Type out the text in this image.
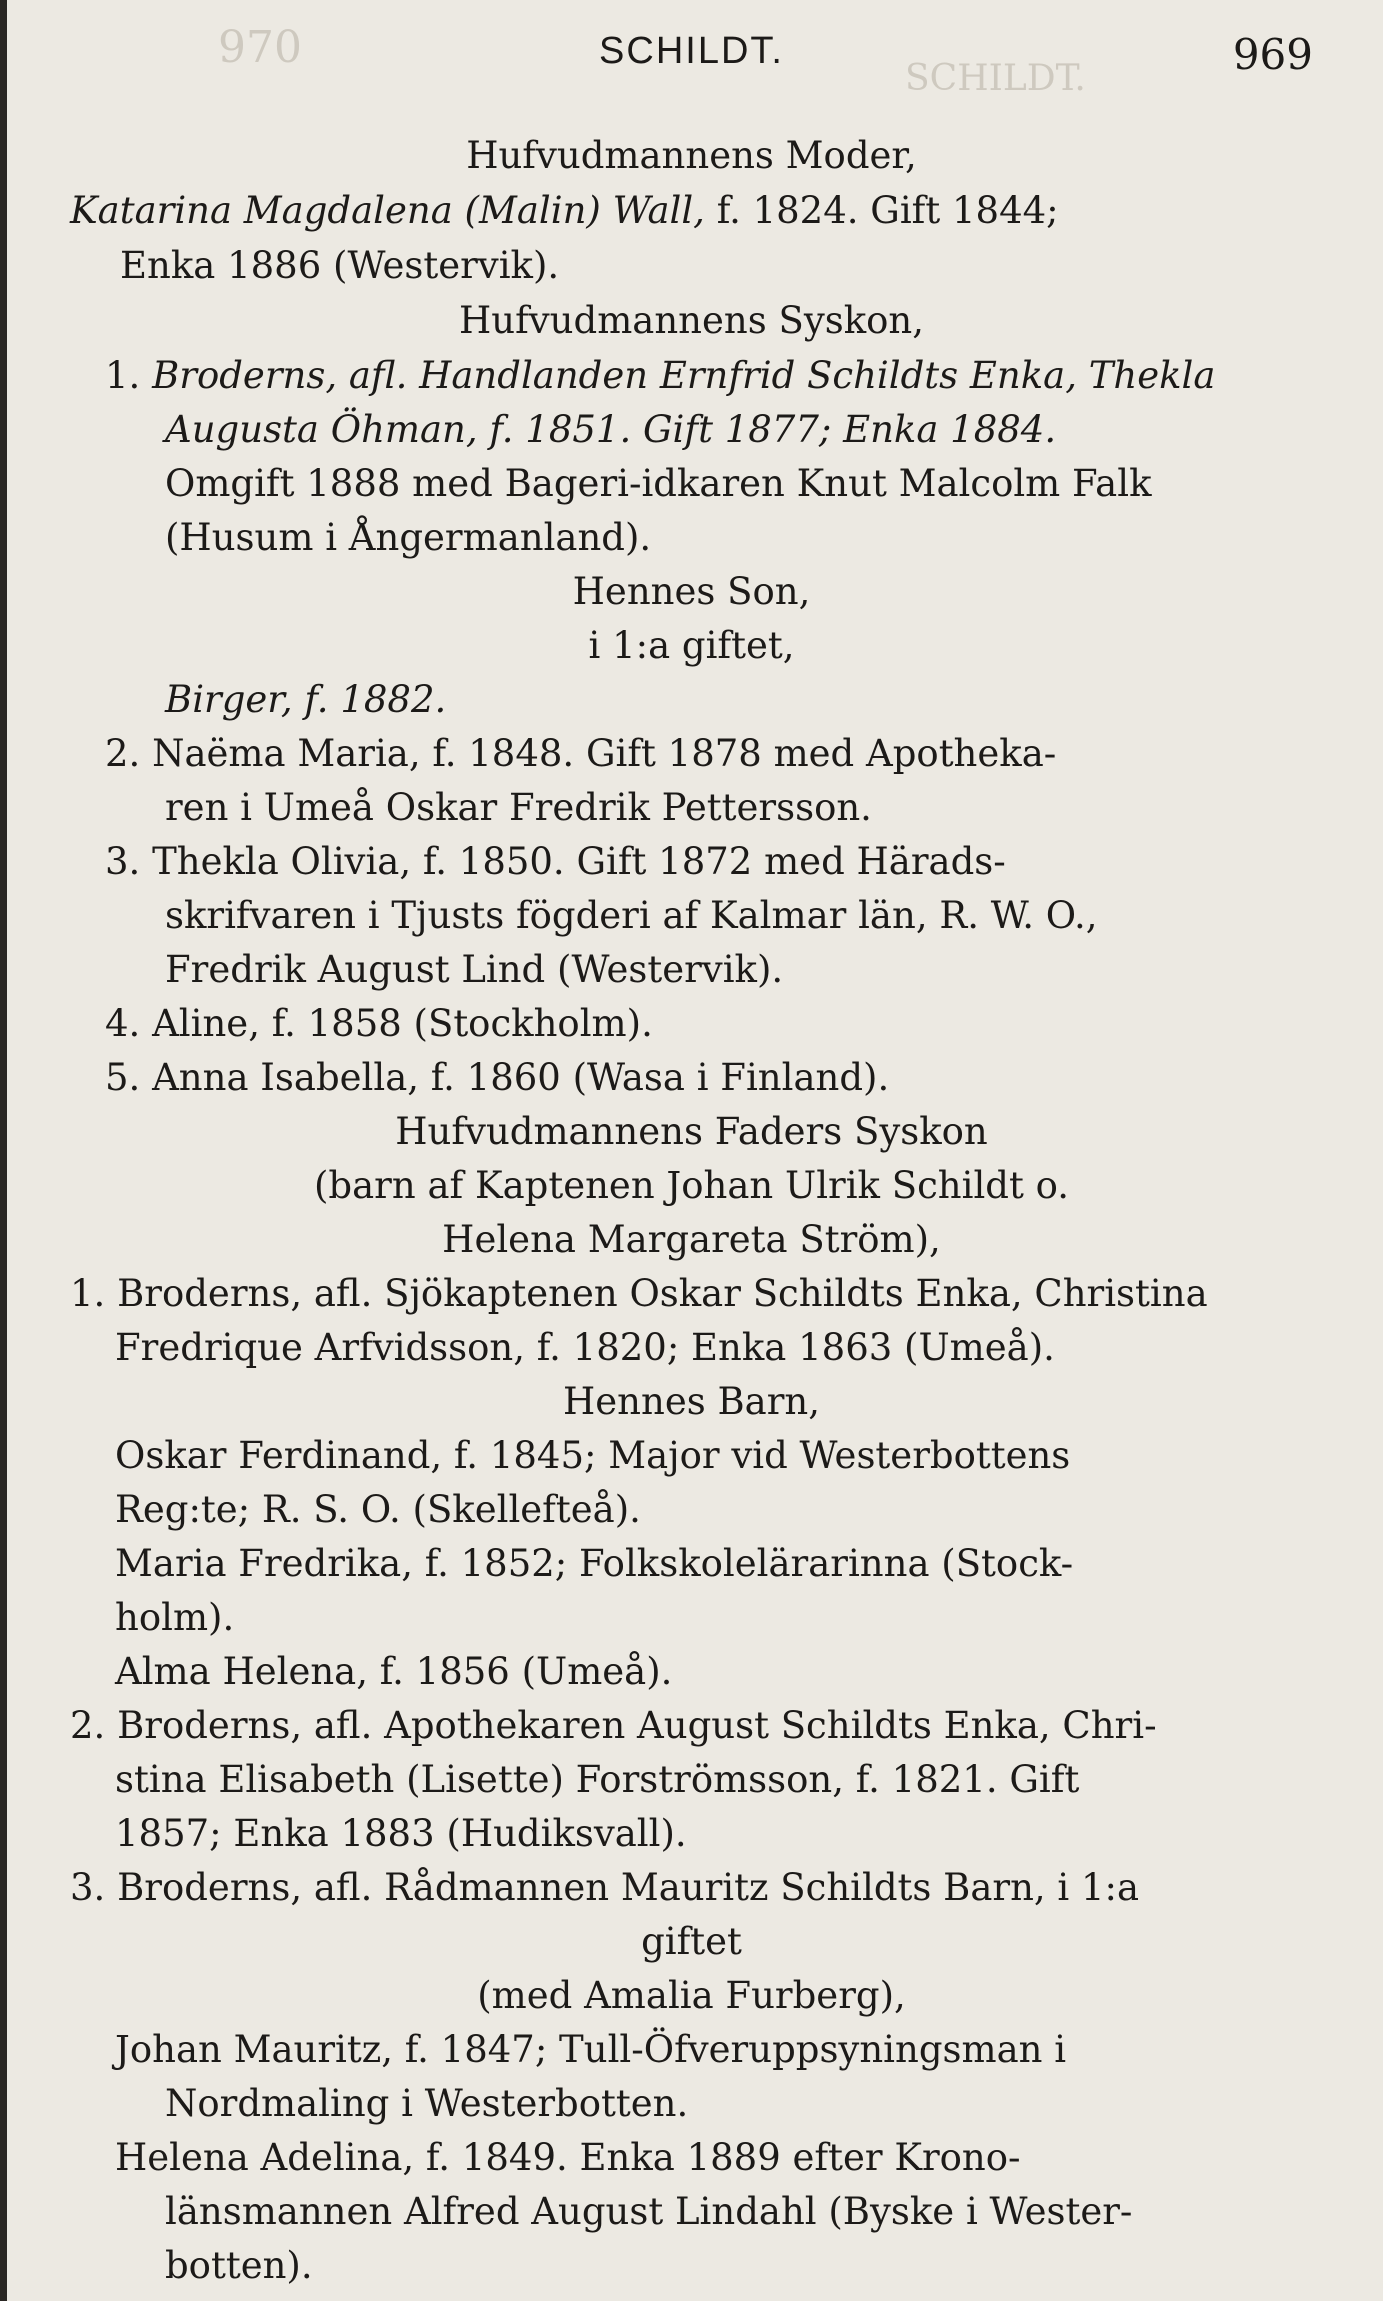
970
SCHILDT.
SCHILDT.	969
Hufvudmannens Moder,
Katarina Magdalena (Malin) Wall, f. 1824. Gift 1844;
Enka 1886 (Westervik).
Hufvudmannens Syskon,
1. Broderns, afl. Handlanden Ernfrid Schildts Enka, Thekla
Augusta Öhman, f. 1851. Gift 1877; Enka 1884.
Omgift 1888 med Bageri-idkaren Knut Malcolm Falk
(Husum i Ångermanland).
Hennes Son,
i 1:a giftet,
Birger, f. 1882.
2. Naëma Maria, f. 1848. Gift 1878 med Apotheka-
ren i Umeå Oskar Fredrik Pettersson.
3. Thekla Olivia, f. 1850. Gift 1872 med Härads-
skrifvaren i Tjusts fögderi af Kalmar län, R. W. O.,
Fredrik August Lind (Westervik).
4. Aline, f. 1858 (Stockholm).
5. Anna Isabella, f. 1860 (Wasa i Finland).
Hufvudmannens Faders Syskon
(barn af Kaptenen Johan Ulrik Schildt o.
Helena Margareta Ström),
1. Broderns, afl. Sjökaptenen Oskar Schildts Enka, Christina
Fredrique Arfvidsson, f. 1820; Enka 1863 (Umeå).
Hennes Barn,
Oskar Ferdinand, f. 1845; Major vid Westerbottens
Reg:te; R. S. O. (Skellefteå).
Maria Fredrika, f. 1852; Folkskolelärarinna (Stock-
holm).
Alma Helena, f. 1856 (Umeå).
2. Broderns, afl. Apothekaren August Schildts Enka, Chri-
stina Elisabeth (Lisette) Forströmsson, f. 1821. Gift
1857; Enka 1883 (Hudiksvall).
3. Broderns, afl. Rådmannen Mauritz Schildts Barn, i 1:a
giftet
(med Amalia Furberg),
Johan Mauritz, f. 1847; Tull-Öfveruppsyningsman i
Nordmaling i Westerbotten.
Helena Adelina, f. 1849. Enka 1889 efter Krono-
länsmannen Alfred August Lindahl (Byske i Wester-
botten).
